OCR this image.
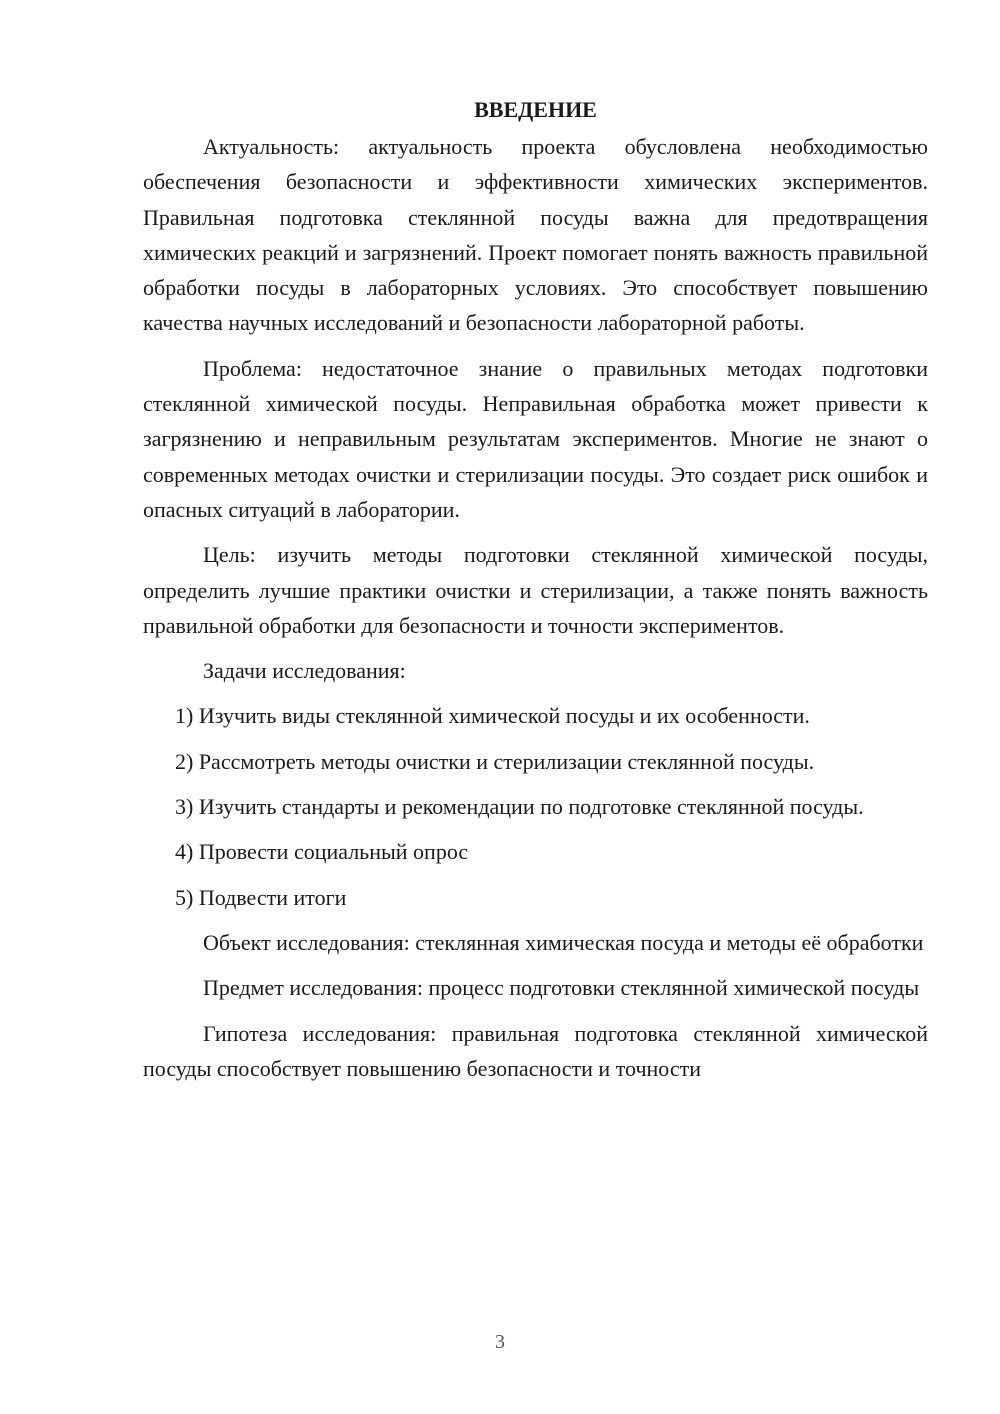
ВВЕДЕНИЕ

Актуальность: актуальность проекта обусловлена необходимостью обеспечения безопасности и эффективности химических экспериментов. Правильная подготовка стеклянной посуды важна для предотвращения химических реакций и загрязнений. Проект помогает понять важность правильной обработки посуды в лабораторных условиях. Это способствует повышению качества научных исследований и безопасности лабораторной работы.

Проблема: недостаточное знание о правильных методах подготовки стеклянной химической посуды. Неправильная обработка может привести к загрязнению и неправильным результатам экспериментов. Многие не знают о современных методах очистки и стерилизации посуды. Это создает риск ошибок и опасных ситуаций в лаборатории.

Цель: изучить методы подготовки стеклянной химической посуды, определить лучшие практики очистки и стерилизации, а также понять важность правильной обработки для безопасности и точности экспериментов.

Задачи исследования:

1) Изучить виды стеклянной химической посуды и их особенности.

2) Рассмотреть методы очистки и стерилизации стеклянной посуды.

3) Изучить стандарты и рекомендации по подготовке стеклянной посуды.

4) Провести социальный опрос

5) Подвести итоги

Объект исследования: стеклянная химическая посуда и методы её обработки

Предмет исследования: процесс подготовки стеклянной химической посуды

Гипотеза исследования: правильная подготовка стеклянной химической посуды способствует повышению безопасности и точности

3
